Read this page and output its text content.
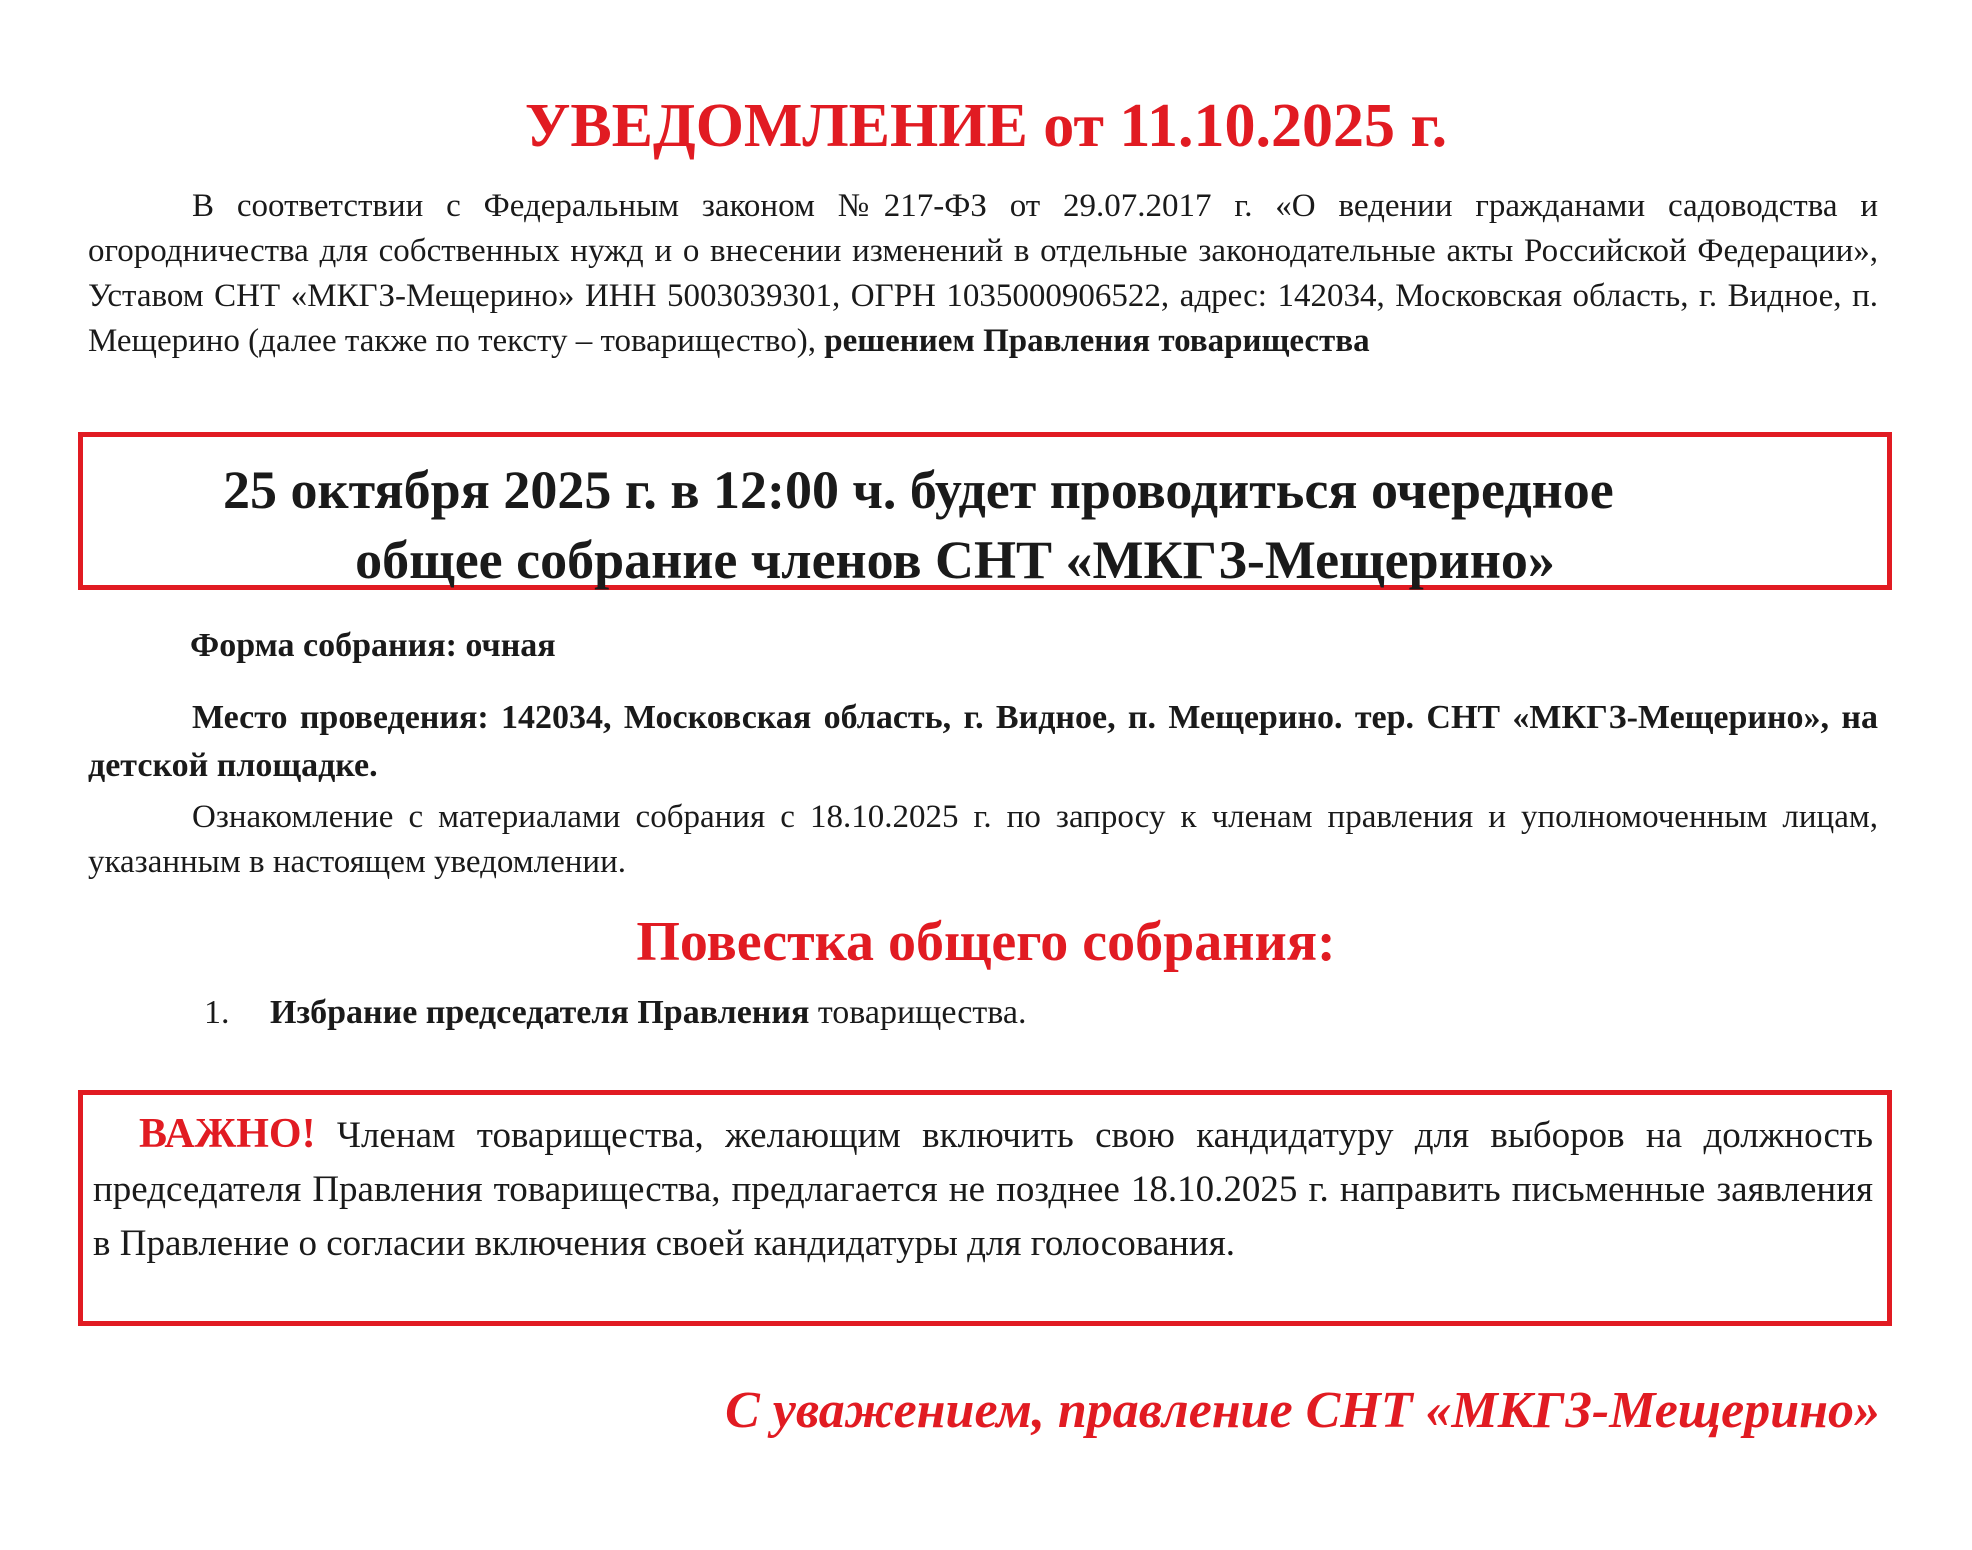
УВЕДОМЛЕНИЕ от 11.10.2025 г.

В соответствии с Федеральным законом №217-ФЗ от 29.07.2017 г. «О ведении гражданами садоводства и огородничества для собственных нужд и о внесении изменений в отдельные законодательные акты Российской Федерации», Уставом СНТ «МКГЗ-Мещерино» ИНН 5003039301, ОГРН 1035000906522, адрес: 142034, Московская область, г. Видное, п. Мещерино (далее также по тексту – товарищество), решением Правления товарищества

25 октября 2025 г. в 12:00 ч. будет проводиться очередное
общее собрание членов СНТ «МКГЗ-Мещерино»
Форма собрания: очная

Место проведения: 142034, Московская область, г. Видное, п. Мещерино. тер. СНТ «МКГЗ-Мещерино», на детской площадке.

Ознакомление с материалами собрания с 18.10.2025 г. по запросу к членам правления и уполномоченным лицам, указанным в настоящем уведомлении.

Повестка общего собрания:
1. Избрание председателя Правления товарищества.
ВАЖНО! Членам товарищества, желающим включить свою кандидатуру для выборов на должность председателя Правления товарищества, предлагается не позднее 18.10.2025 г. направить письменные заявления в Правление о согласии включения своей кандидатуры для голосования.
С уважением, правление СНТ «МКГЗ-Мещерино»
